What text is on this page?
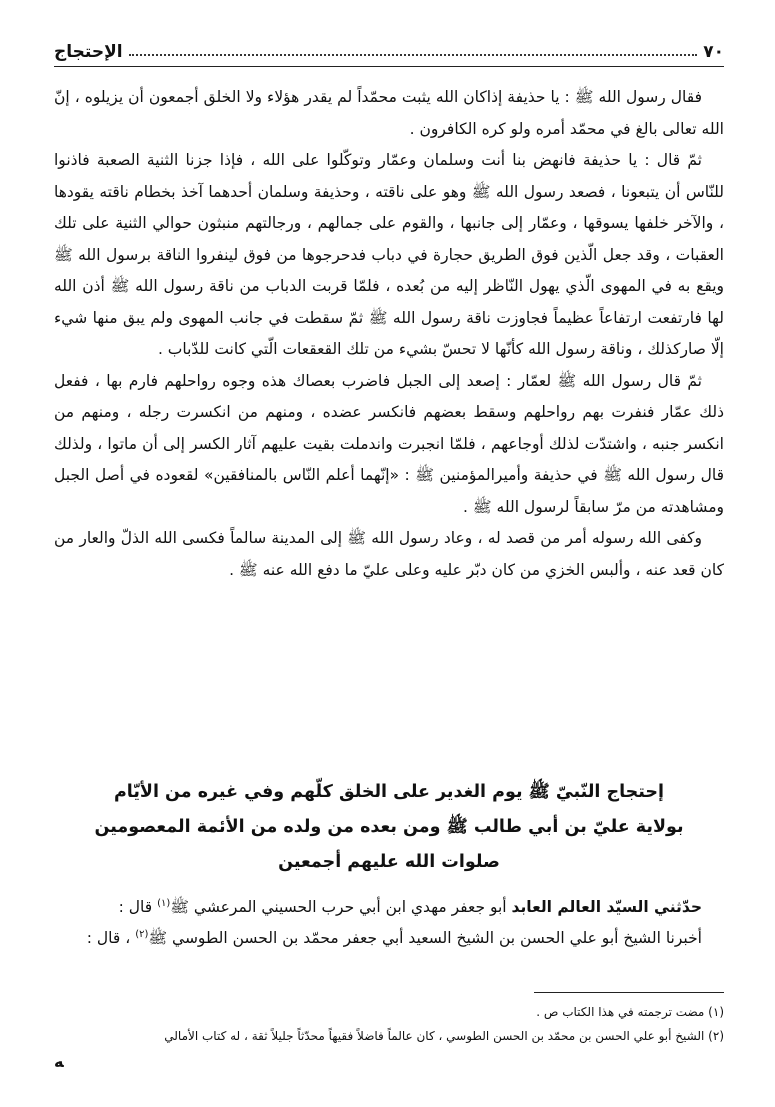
٧٠
الإحتجاج

فقال رسول الله ﷺ : يا حذيفة إذاكان الله يثبت محمّداً لم يقدر هؤلاء ولا الخلق أجمعون أن يزيلوه ، إنّ الله تعالى بالغ في محمّد أمره ولو كره الكافرون .

ثمّ قال : يا حذيفة فانهض بنا أنت وسلمان وعمّار وتوكّلوا على الله ، فإذا جزنا الثنية الصعبة فاذنوا للنّاس أن يتبعونا ، فصعد رسول الله ﷺ وهو على ناقته ، وحذيفة وسلمان أحدهما آخذ بخطام ناقته يقودها ، والآخر خلفها يسوقها ، وعمّار إلى جانبها ، والقوم على جمالهم ، ورجالتهم منبثون حوالي الثنية على تلك العقبات ، وقد جعل الّذين فوق الطريق حجارة في دباب فدحرجوها من فوق لينفروا الناقة برسول الله ﷺ ويقع به في المهوى الّذي يهول النّاظر إليه من بُعده ، فلمّا قربت الدباب من ناقة رسول الله ﷺ أذن الله لها فارتفعت ارتفاعاً عظيماً فجاوزت ناقة رسول الله ﷺ ثمّ سقطت في جانب المهوى ولم يبق منها شيء إلّا صاركذلك ، وناقة رسول الله كأنّها لا تحسّ بشيء من تلك القعقعات الّتي كانت للدّباب .

ثمّ قال رسول الله ﷺ لعمّار : إصعد إلى الجبل فاضرب بعصاك هذه وجوه رواحلهم فارم بها ، ففعل ذلك عمّار فنفرت بهم رواحلهم وسقط بعضهم فانكسر عضده ، ومنهم من انكسرت رجله ، ومنهم من انكسر جنبه ، واشتدّت لذلك أوجاعهم ، فلمّا انجبرت واندملت بقيت عليهم آثار الكسر إلى أن ماتوا ، ولذلك قال رسول الله ﷺ في حذيفة وأميرالمؤمنين ﷺ : «إنّهما أعلم النّاس بالمنافقين» لقعوده في أصل الجبل ومشاهدته من مرّ سابقاً لرسول الله ﷺ .

وكفى الله رسوله أمر من قصد له ، وعاد رسول الله ﷺ إلى المدينة سالماً فكسى الله الذلّ والعار من كان قعد عنه ، وألبس الخزي من كان دبّر عليه وعلى عليّ ما دفع الله عنه ﷺ .

إحتجاج النّبيّ ﷺ يوم الغدير على الخلق كلّهم وفي غيره من الأيّام
بولاية عليّ بن أبي طالب ﷺ ومن بعده من ولده من الأئمة المعصومين
صلوات الله عليهم أجمعين

حدّثني السيّد العالم العابد أبو جعفر مهدي ابن أبي حرب الحسيني المرعشي ﷺ$^{(١)}$ قال :

أخبرنا الشيخ أبو علي الحسن بن الشيخ السعيد أبي جعفر محمّد بن الحسن الطوسي ﷺ$^{(٢)}$ ، قال :

(١) مضت ترجمته في هذا الكتاب ص .
(٢) الشيخ أبو علي الحسن بن محمّد بن الحسن الطوسي ، كان عالماً فاضلاً فقيهاً محدّثاً جليلاً ثقة ، له كتاب الأمالي
ﻪ
